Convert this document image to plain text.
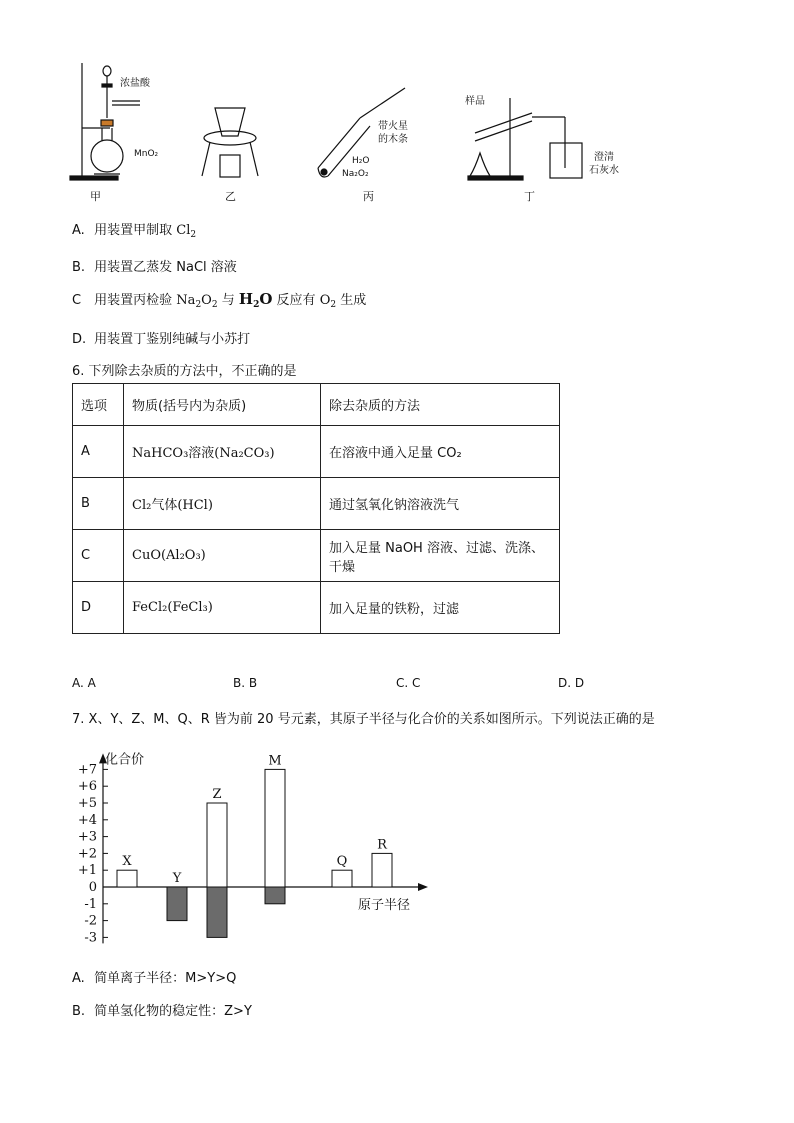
浓盐酸
MnO₂
带火星
的木条
H₂O
Na₂O₂
样品
澄清
石灰水
甲	乙	丙	丁
A. 用装置甲制取 $Cl_2$
B. 用装置乙蒸发 NaCl 溶液
C 用装置丙检验 $Na_2O_2$ 与 $H_2O$ 反应有 $O_2$ 生成
D. 用装置丁鉴别纯碱与小苏打
6. 下列除去杂质的方法中，不正确的是
选项	物质(括号内为杂质)	除去杂质的方法
A	NaHCO₃溶液(Na₂CO₃)	在溶液中通入足量 CO₂
B	Cl₂气体(HCl)	通过氢氧化钠溶液洗气
C	CuO(Al₂O₃)	加入足量 NaOH 溶液、过滤、洗涤、干燥
D	FeCl₂(FeCl₃)	加入足量的铁粉，过滤
A. A	B. B	C. C	D. D
7. X、Y、Z、M、Q、R 皆为前 20 号元素，其原子半径与化合价的关系如图所示。下列说法正确的是
+7
+6
+5
+4
+3
+2
+1
0
-1
-2
-3
化合价
原子半径
X
Y
Z
M
Q
R
A. 简单离子半径：M>Y>Q
B. 简单氢化物的稳定性：Z>Y
